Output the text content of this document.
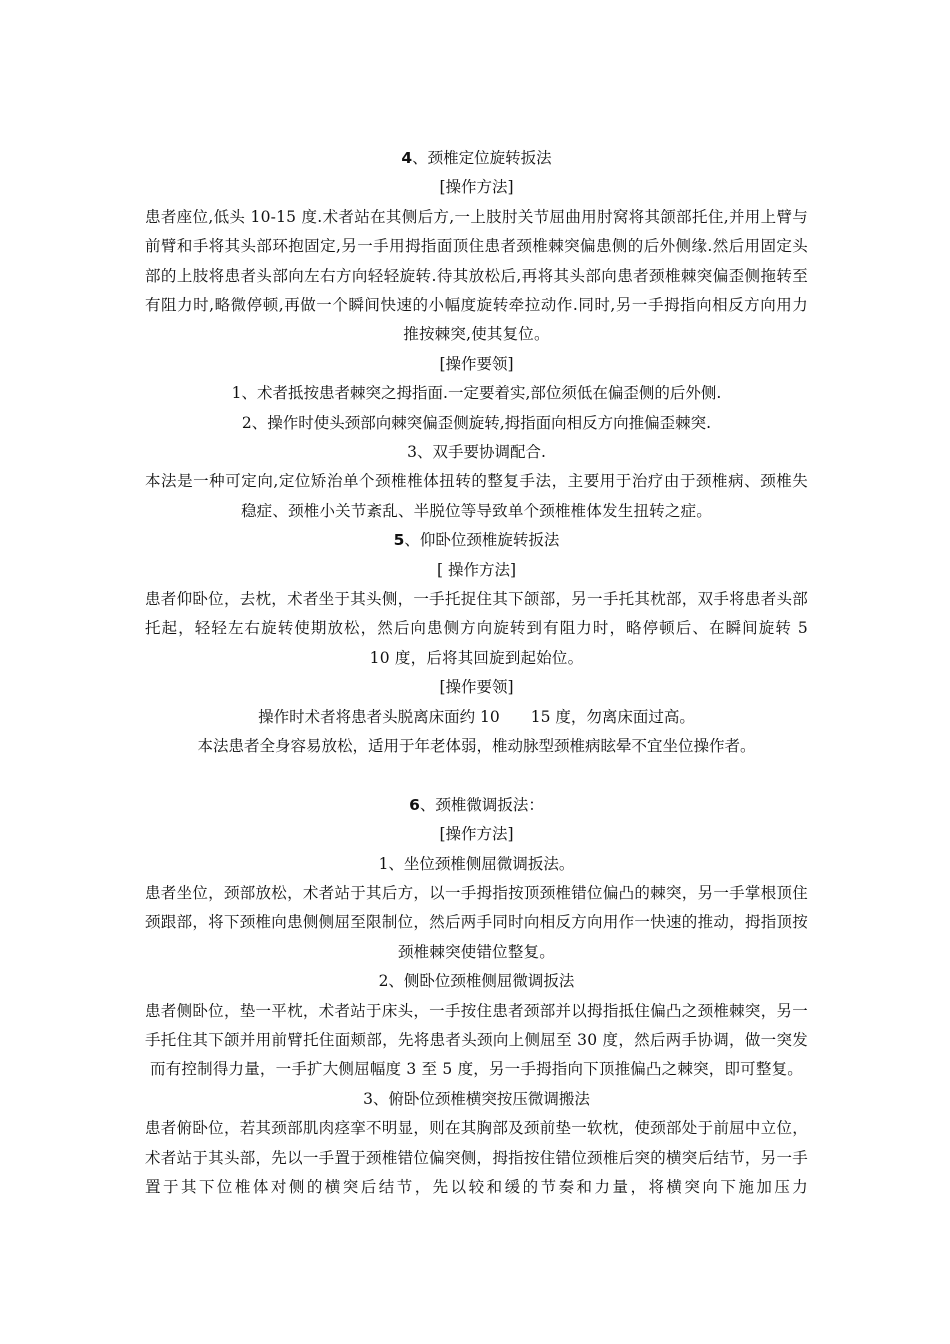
4、颈椎定位旋转扳法
[操作方法]
患者座位,低头 10-15 度.术者站在其侧后方,一上肢肘关节屈曲用肘窝将其颌部托住,并用上臂与前臂和手将其头部环抱固定,另一手用拇指面顶住患者颈椎棘突偏患侧的后外侧缘.然后用固定头部的上肢将患者头部向左右方向轻轻旋转.待其放松后,再将其头部向患者颈椎棘突偏歪侧拖转至有阻力时,略微停顿,再做一个瞬间快速的小幅度旋转牵拉动作.同时,另一手拇指向相反方向用力推按棘突,使其复位。
[操作要领]
1、术者抵按患者棘突之拇指面.一定要着实,部位须低在偏歪侧的后外侧.
2、操作时使头颈部向棘突偏歪侧旋转,拇指面向相反方向推偏歪棘突.
3、双手要协调配合.
本法是一种可定向,定位矫治单个颈椎椎体扭转的整复手法，主要用于治疗由于颈椎病、颈椎失稳症、颈椎小关节紊乱、半脱位等导致单个颈椎椎体发生扭转之症。
5、仰卧位颈椎旋转扳法
[ 操作方法]
患者仰卧位，去枕，术者坐于其头侧，一手托捉住其下颌部，另一手托其枕部，双手将患者头部托起，轻轻左右旋转使期放松，然后向患侧方向旋转到有阻力时，略停顿后、在瞬间旋转 5　10 度，后将其回旋到起始位。
[操作要领]
操作时术者将患者头脱离床面约 10　　15 度，勿离床面过高。
本法患者全身容易放松，适用于年老体弱，椎动脉型颈椎病眩晕不宜坐位操作者。
6、颈椎微调扳法：
[操作方法]
1、坐位颈椎侧屈微调扳法。
患者坐位，颈部放松，术者站于其后方，以一手拇指按顶颈椎错位偏凸的棘突，另一手掌根顶住颈跟部，将下颈椎向患侧侧屈至限制位，然后两手同时向相反方向用作一快速的推动，拇指顶按颈椎棘突使错位整复。
2、侧卧位颈椎侧屈微调扳法
患者侧卧位，垫一平枕，术者站于床头，一手按住患者颈部并以拇指抵住偏凸之颈椎棘突，另一手托住其下颌并用前臂托住面颊部，先将患者头颈向上侧屈至 30 度，然后两手协调，做一突发而有控制得力量，一手扩大侧屈幅度 3 至 5 度，另一手拇指向下顶推偏凸之棘突，即可整复。
3、俯卧位颈椎横突按压微调搬法
患者俯卧位，若其颈部肌肉痉挛不明显，则在其胸部及颈前垫一软枕，使颈部处于前屈中立位，术者站于其头部，先以一手置于颈椎错位偏突侧，拇指按住错位颈椎后突的横突后结节，另一手置于其下位椎体对侧的横突后结节，先以较和缓的节奏和力量，将横突向下施加压力
